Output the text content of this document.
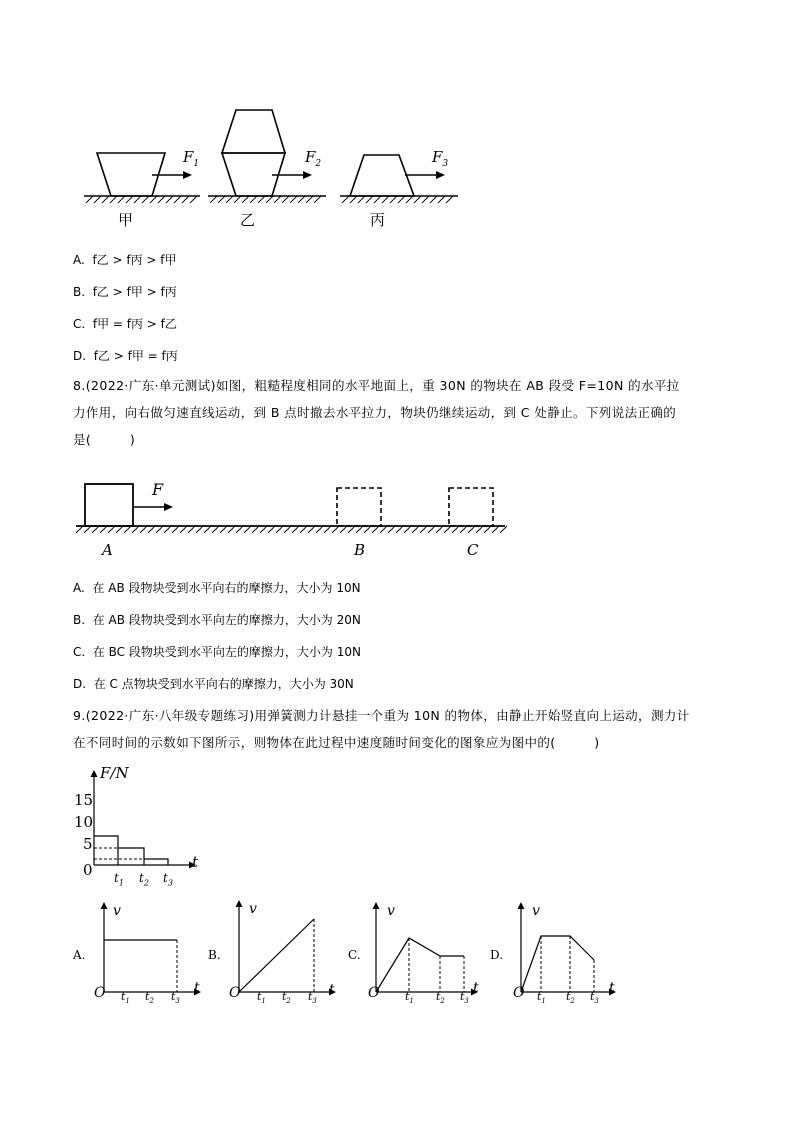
$F_1$	$F_2$	$F_3$
甲	乙	丙
A. f乙 > f丙 > f甲
B. f乙 > f甲 > f丙
C. f甲 = f丙 > f乙
D. f乙 > f甲 = f丙
8.(2022·广东·单元测试)如图，粗糙程度相同的水平地面上，重 30N 的物块在 AB 段受 F=10N 的水平拉
力作用，向右做匀速直线运动，到 B 点时撤去水平拉力，物块仍继续运动，到 C 处静止。下列说法正确的
是(　　　)
F
A	B	C
A. 在 AB 段物块受到水平向右的摩擦力，大小为 10N
B. 在 AB 段物块受到水平向左的摩擦力，大小为 20N
C. 在 BC 段物块受到水平向左的摩擦力，大小为 10N
D. 在 C 点物块受到水平向右的摩擦力，大小为 30N
9.(2022·广东·八年级专题练习)用弹簧测力计悬挂一个重为 10N 的物体，由静止开始竖直向上运动，测力计
在不同时间的示数如下图所示，则物体在此过程中速度随时间变化的图象应为图中的(　　　)
F/N
15
10
5
0	t
$t_1$ $t_2$ $t_3$
A.
v
O	t
$t_1$ $t_2$ $t_3$
B.
v
O	t
$t_1$ $t_2$ $t_3$
C.
v
O	t
$t_1$ $t_2$ $t_3$
D.
v
O	t
$t_1$ $t_2$ $t_3$
